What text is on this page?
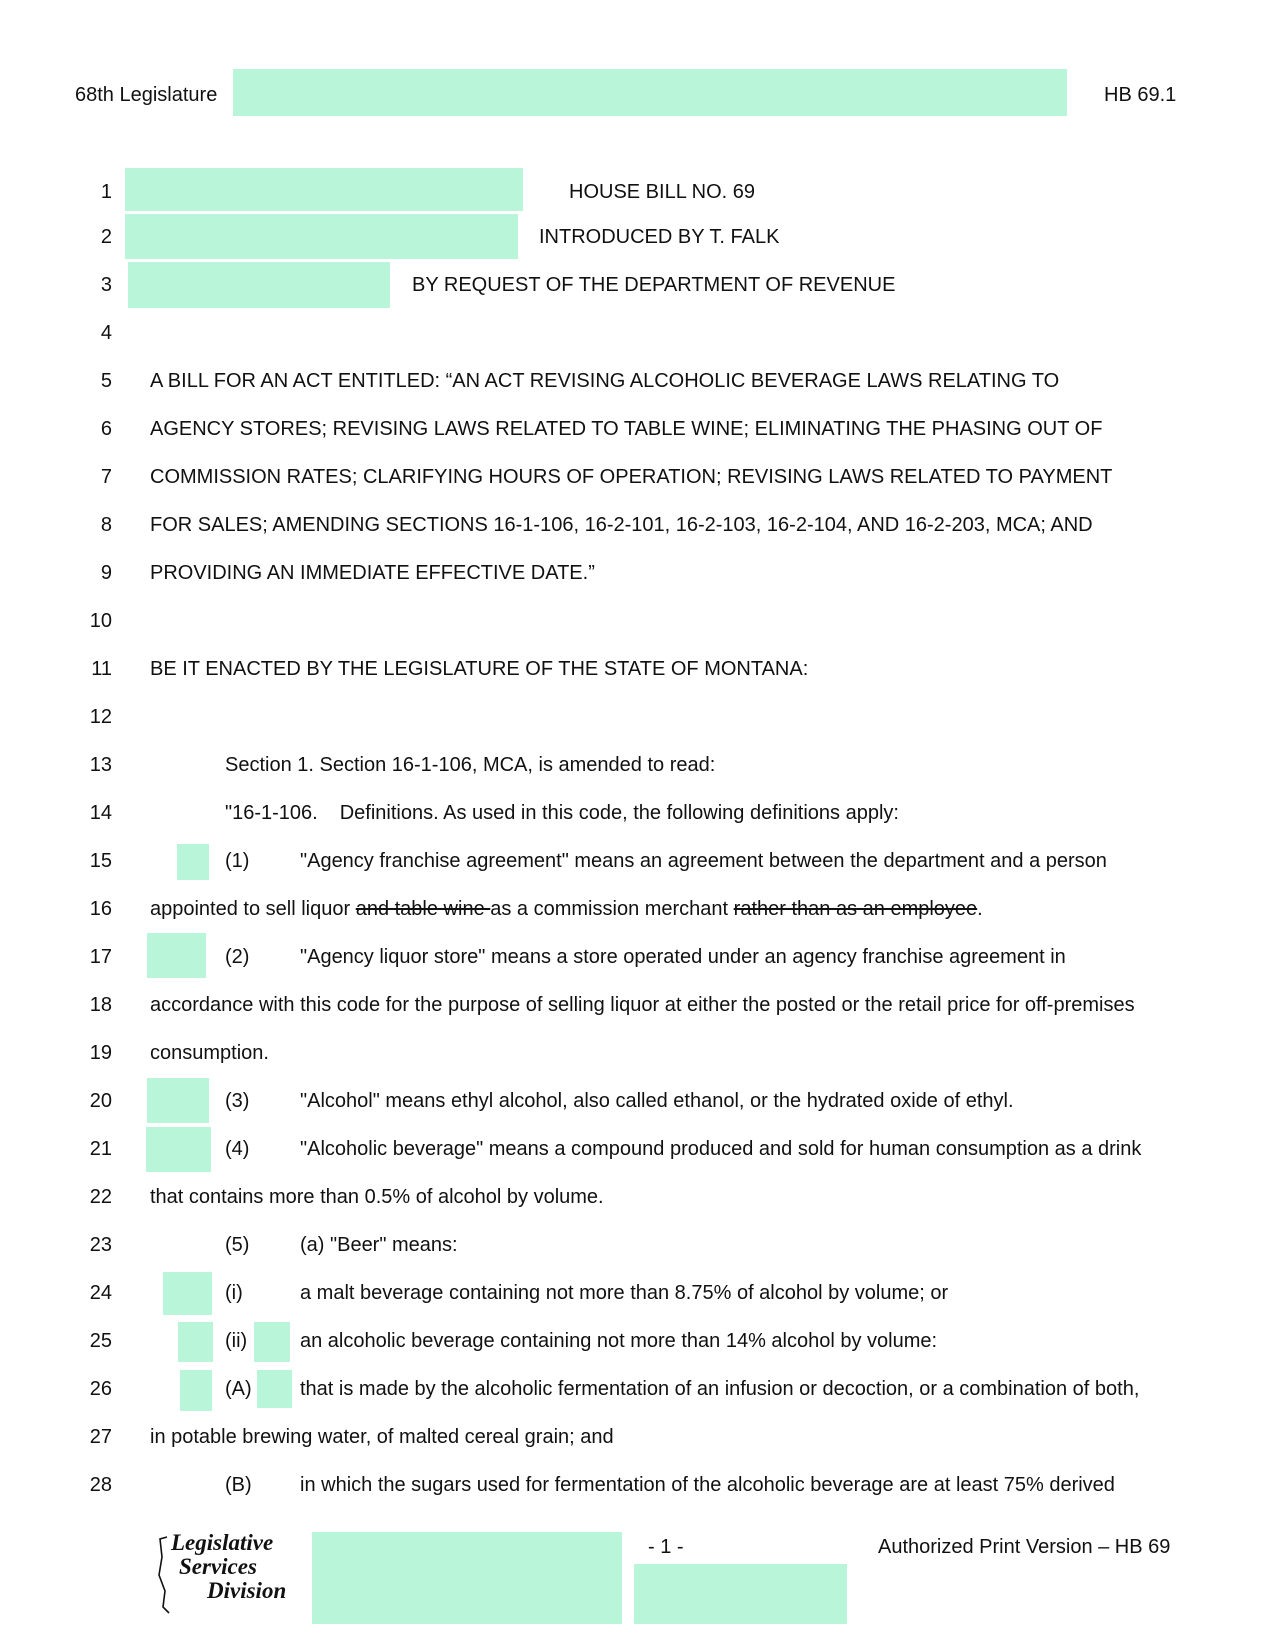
68th Legislature	HB 69.1
1
2
3
4
5
6
7
8
9
10
11
12
13
14
15
16
17
18
19
20
21
22
23
24
25
26
27
28
HOUSE BILL NO. 69
INTRODUCED BY T. FALK
BY REQUEST OF THE DEPARTMENT OF REVENUE
A BILL FOR AN ACT ENTITLED: “AN ACT REVISING ALCOHOLIC BEVERAGE LAWS RELATING TO
AGENCY STORES; REVISING LAWS RELATED TO TABLE WINE; ELIMINATING THE PHASING OUT OF
COMMISSION RATES; CLARIFYING HOURS OF OPERATION; REVISING LAWS RELATED TO PAYMENT
FOR SALES; AMENDING SECTIONS 16-1-106, 16-2-101, 16-2-103, 16-2-104, AND 16-2-203, MCA; AND
PROVIDING AN IMMEDIATE EFFECTIVE DATE.”
BE IT ENACTED BY THE LEGISLATURE OF THE STATE OF MONTANA:
Section 1. Section 16-1-106, MCA, is amended to read:
"16-1-106. Definitions. As used in this code, the following definitions apply:
(1)	"Agency franchise agreement" means an agreement between the department and a person
appointed to sell liquor and table wine as a commission merchant rather than as an employee.
(2)	"Agency liquor store" means a store operated under an agency franchise agreement in
accordance with this code for the purpose of selling liquor at either the posted or the retail price for off-premises
consumption.
(3)	"Alcohol" means ethyl alcohol, also called ethanol, or the hydrated oxide of ethyl.
(4)	"Alcoholic beverage" means a compound produced and sold for human consumption as a drink
that contains more than 0.5% of alcohol by volume.
(5)	(a) "Beer" means:
(i)	a malt beverage containing not more than 8.75% of alcohol by volume; or
(ii)	an alcoholic beverage containing not more than 14% alcohol by volume:
(A) that is made by the alcoholic fermentation of an infusion or decoction, or a combination of both,
in potable brewing water, of malted cereal grain; and
(B) in which the sugars used for fermentation of the alcoholic beverage are at least 75% derived
Legislative
Services
Division
- 1 -	Authorized Print Version – HB 69
